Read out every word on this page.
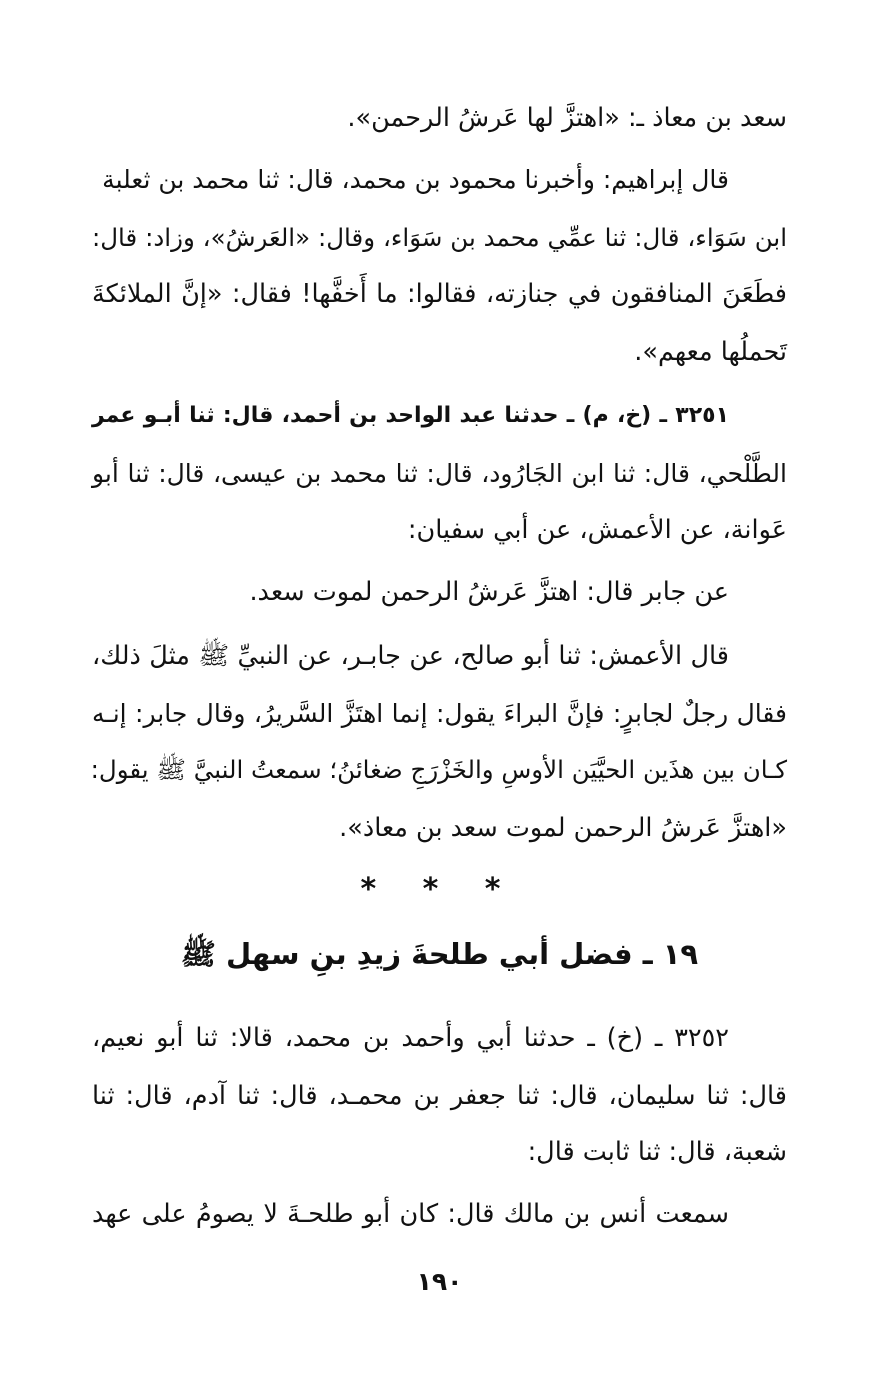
سعد بن معاذ ـ: «اهتزَّ لها عَرشُ الرحمن».
قال إبراهيم: وأخبرنا محمود بن محمد، قال: ثنا محمد بن ثعلبة
ابن سَوَاء، قال: ثنا عمِّي محمد بن سَوَاء، وقال: «العَرشُ»، وزاد: قال:
فطَعَنَ المنافقون في جنازته، فقالوا: ما أَخفَّها! فقال: «إنَّ الملائكةَ
تَحملُها معهم».
٣٢٥١ ـ (خ، م) ـ حدثنا عبد الواحد بن أحمد، قال: ثنا أبـو عمر
الطَّلْحي، قال: ثنا ابن الجَارُود، قال: ثنا محمد بن عيسى، قال: ثنا أبو
عَوانة، عن الأعمش، عن أبي سفيان:
عن جابر قال: اهتزَّ عَرشُ الرحمن لموت سعد.
قال الأعمش: ثنا أبو صالح، عن جابـر، عن النبيِّ ﷺ مثلَ ذلك،
فقال رجلٌ لجابرٍ: فإنَّ البراءَ يقول: إنما اهتَزَّ السَّريرُ، وقال جابر: إنـه
كـان بين هذَين الحيَّيَن الأوسِ والخَزْرَجِ ضغائنُ؛ سمعتُ النبيَّ ﷺ يقول:
«اهتزَّ عَرشُ الرحمن لموت سعد بن معاذ».
* * *
١٩ ـ فضل أبي طلحةَ زيدِ بنِ سهل ﷺ
٣٢٥٢ ـ (خ) ـ حدثنا أبي وأحمد بن محمد، قالا: ثنا أبو نعيم،
قال: ثنا سليمان، قال: ثنا جعفر بن محمـد، قال: ثنا آدم، قال: ثنا
شعبة، قال: ثنا ثابت قال:
سمعت أنس بن مالك قال: كان أبو طلحـةَ لا يصومُ على عهد
١٩٠
